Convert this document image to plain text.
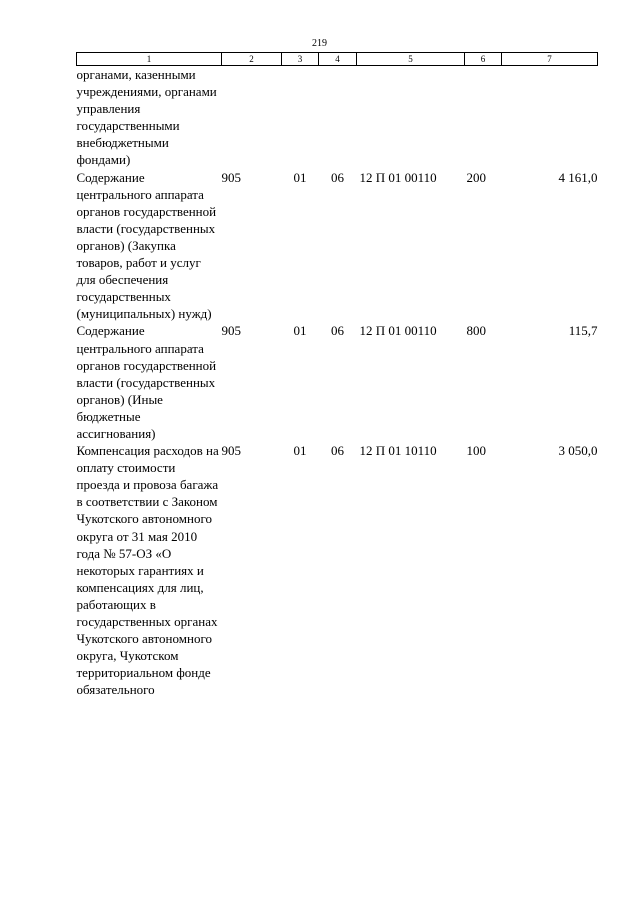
219
1	2	3	4	5	6	7
органами, казенными учреждениями, органами управления государственными внебюджетными фондами)						
Содержание центрального аппарата органов государственной власти (государственных органов) (Закупка товаров, работ и услуг для обеспечения государственных (муниципальных) нужд)	905	01	06	12 П 01 00110	200	4 161,0
Содержание центрального аппарата органов государственной власти (государственных органов) (Иные бюджетные ассигнования)	905	01	06	12 П 01 00110	800	115,7
Компенсация расходов на оплату стоимости проезда и провоза багажа в соответствии с Законом Чукотского автономного округа от 31 мая 2010 года № 57-ОЗ «О некоторых гарантиях и компенсациях для лиц, работающих в государственных органах Чукотского автономного округа, Чукотском территориальном фонде обязательного	905	01	06	12 П 01 10110	100	3 050,0
